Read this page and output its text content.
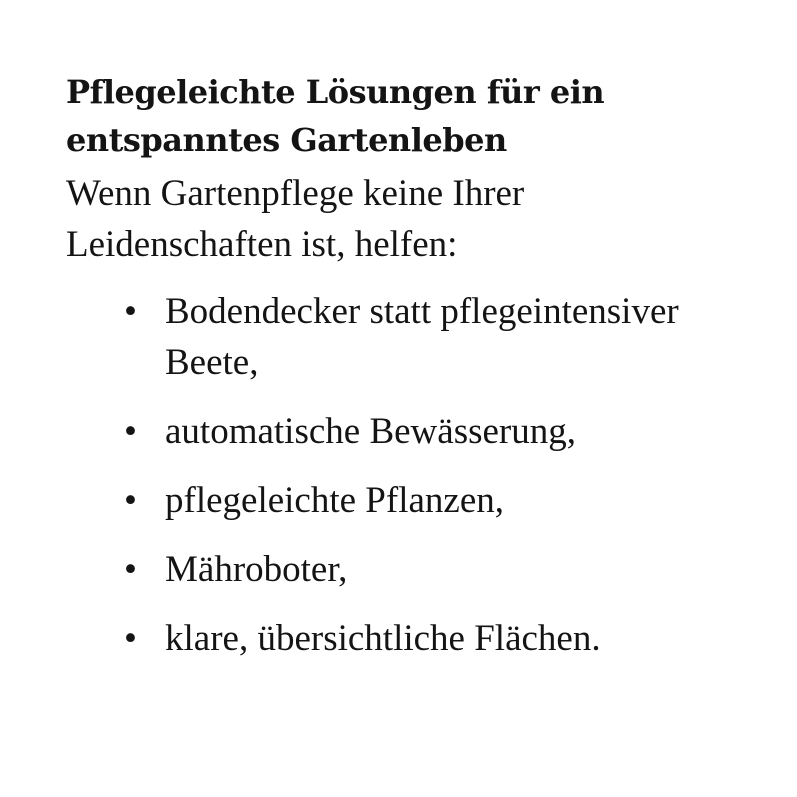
Pflegeleichte Lösungen für ein entspanntes Gartenleben

Wenn Gartenpflege keine Ihrer Leidenschaften ist, helfen:

• Bodendecker statt pflegeintensiver Beete,
• automatische Bewässerung,
• pflegeleichte Pflanzen,
• Mähroboter,
• klare, übersichtliche Flächen.
